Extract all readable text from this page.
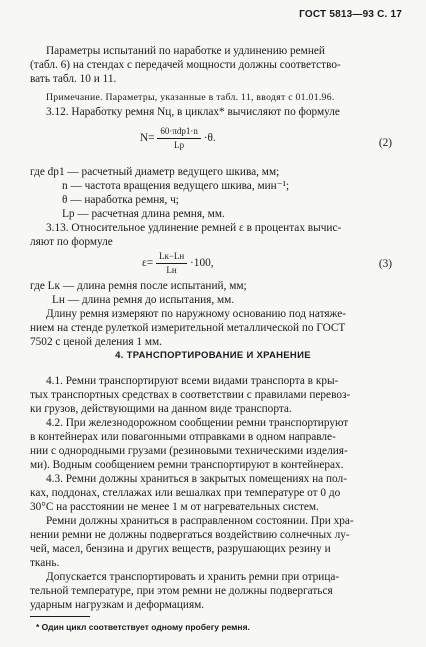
ГОСТ 5813—93 С. 17
Параметры испытаний по наработке и удлинению ремней
(табл. 6) на стендах с передачей мощности должны соответство-
вать табл. 10 и 11.
Примечание. Параметры, указанные в табл. 11, вводят с 01.01.96.
3.12. Наработку ремня Nц, в циклах* вычисляют по формуле
$N= \frac{\text{60·πdр1·n}}{Lр} \cdot\theta$.	(2)
где dр1 — расчетный диаметр ведущего шкива, мм;
n — частота вращения ведущего шкива, мин⁻¹;
θ — наработка ремня, ч;
Lр — расчетная длина ремня, мм.
3.13. Относительное удлинение ремней ε в процентах вычис-
ляют по формуле
$\varepsilon= \frac{Lк-Lн}{Lн} \cdot 100$,	(3)
где Lк — длина ремня после испытаний, мм;
Lн — длина ремня до испытания, мм.
Длину ремня измеряют по наружному основанию под натяже-
нием на стенде рулеткой измерительной металлической по ГОСТ
7502 с ценой деления 1 мм.
4. ТРАНСПОРТИРОВАНИЕ И ХРАНЕНИЕ
4.1. Ремни транспортируют всеми видами транспорта в кры-
тых транспортных средствах в соответствии с правилами перевоз-
ки грузов, действующими на данном виде транспорта.
4.2. При железнодорожном сообщении ремни транспортируют
в контейнерах или повагонными отправками в одном направле-
нии с однородными грузами (резиновыми техническими изделия-
ми). Водным сообщением ремни транспортируют в контейнерах.
4.3. Ремни должны храниться в закрытых помещениях на пол-
ках, поддонах, стеллажах или вешалках при температуре от 0 до
30°С на расстоянии не менее 1 м от нагревательных систем.
Ремни должны храниться в расправленном состоянии. При хра-
нении ремни не должны подвергаться воздействию солнечных лу-
чей, масел, бензина и других веществ, разрушающих резину и
ткань.
Допускается транспортировать и хранить ремни при отрица-
тельной температуре, при этом ремни не должны подвергаться
ударным нагрузкам и деформациям.
* Один цикл соответствует одному пробегу ремня.
